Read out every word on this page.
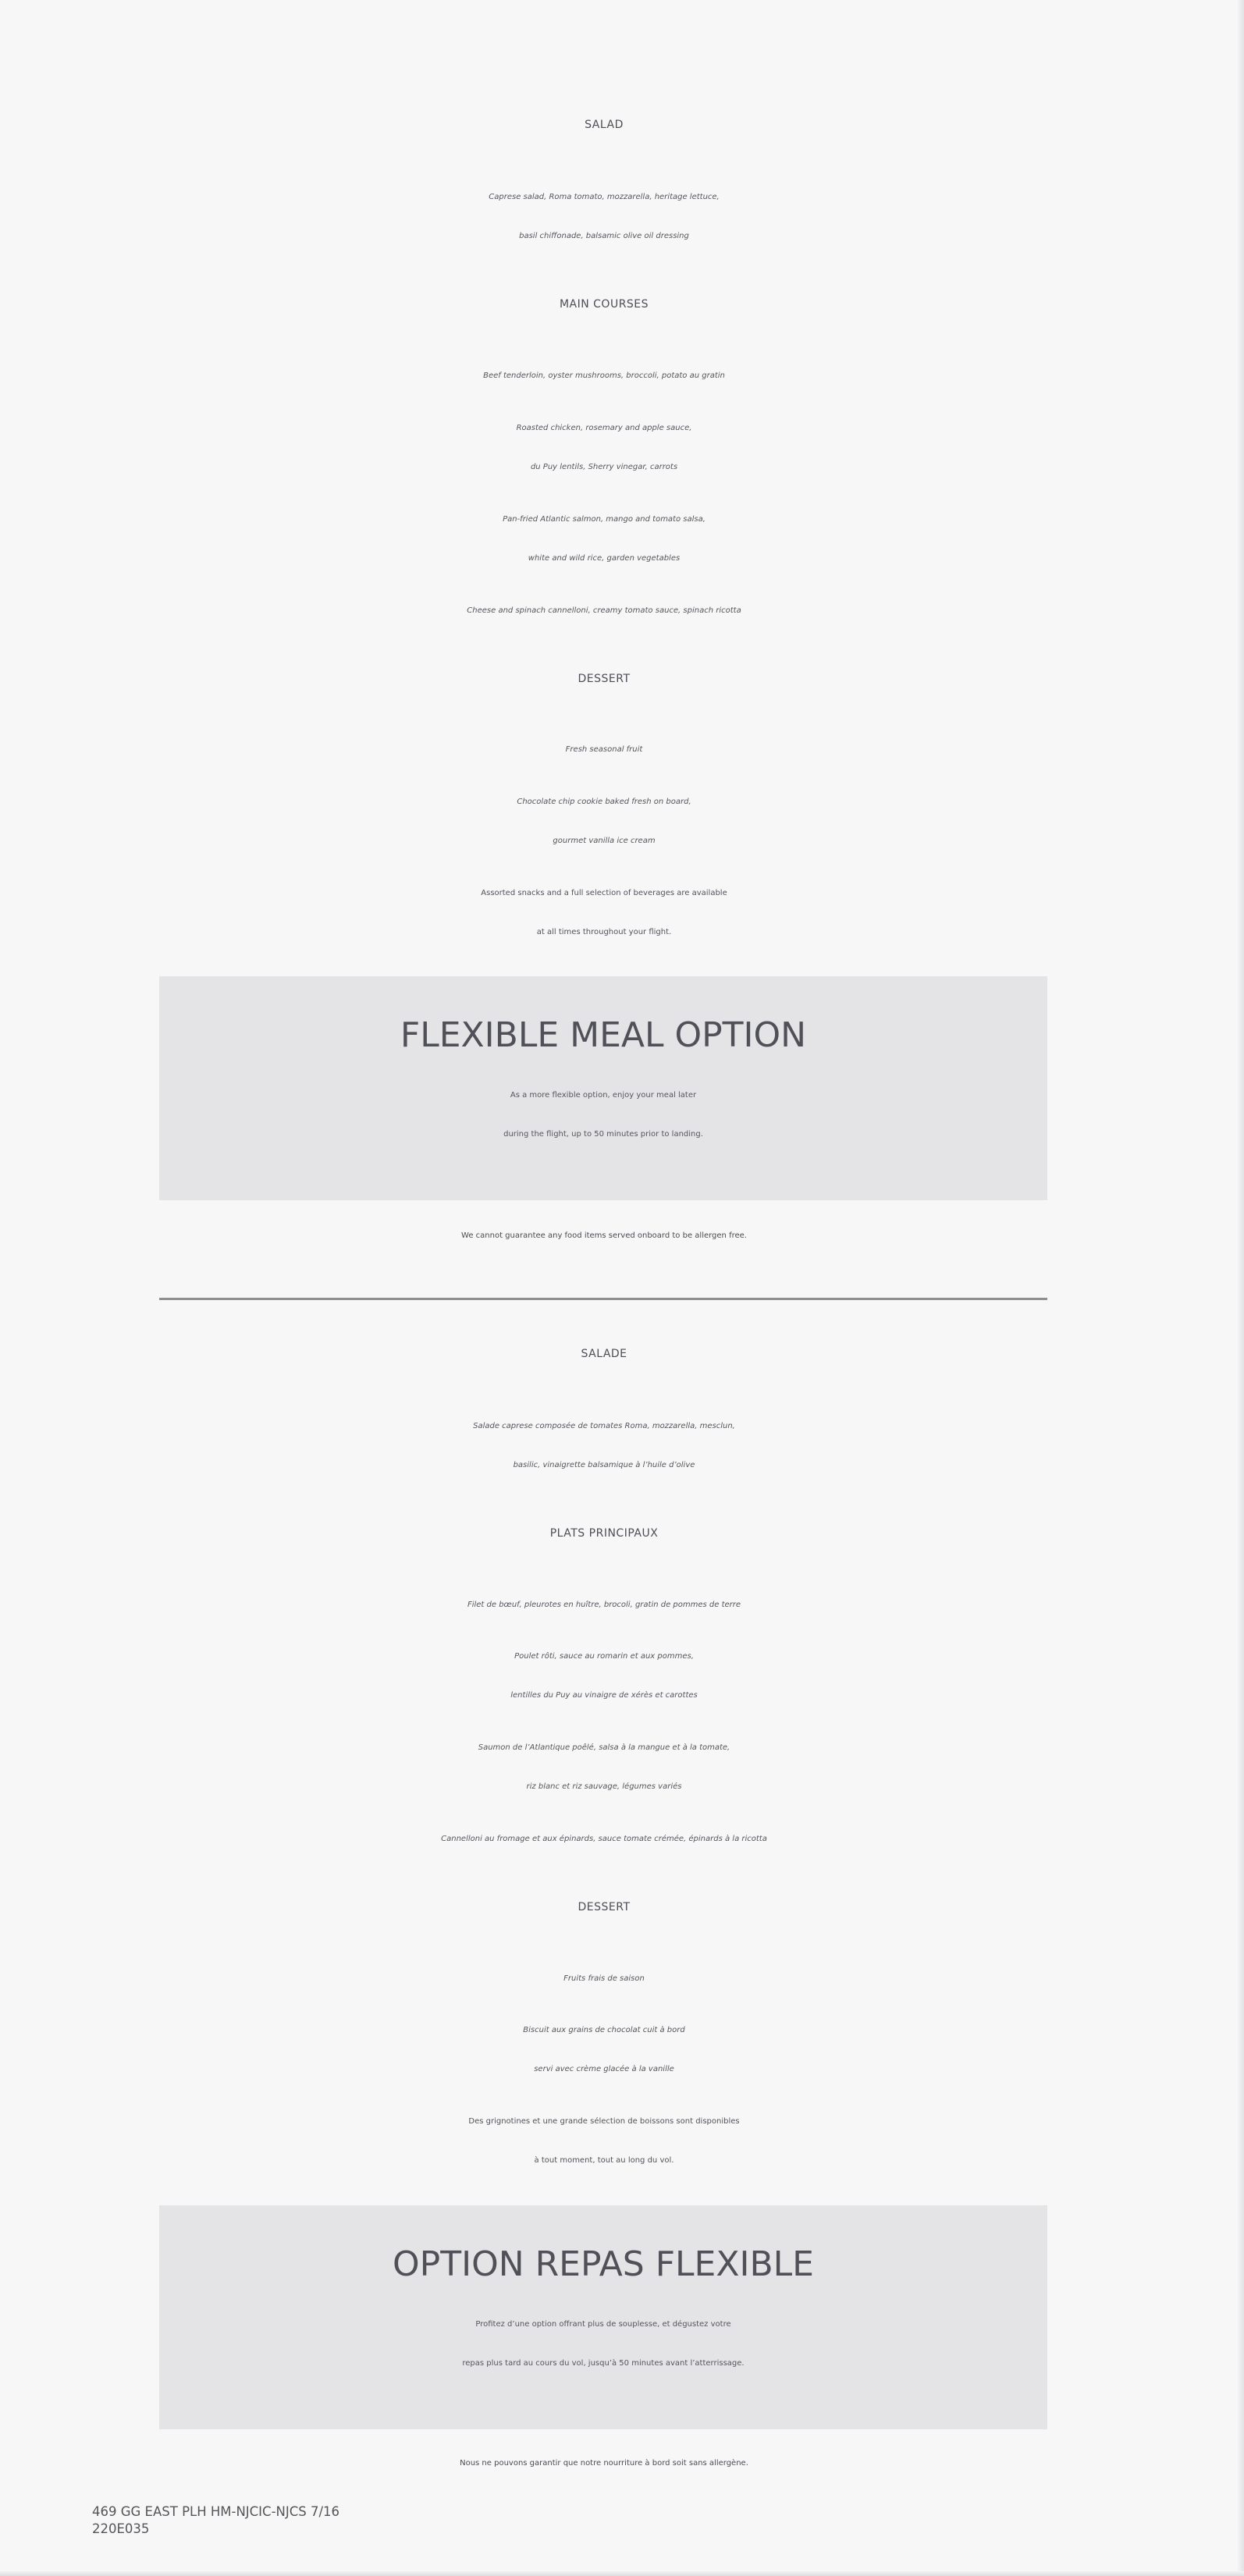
SALAD
Caprese salad, Roma tomato, mozzarella, heritage lettuce,
basil chiffonade, balsamic olive oil dressing
MAIN COURSES
Beef tenderloin, oyster mushrooms, broccoli, potato au gratin
Roasted chicken, rosemary and apple sauce,
du Puy lentils, Sherry vinegar, carrots
Pan-fried Atlantic salmon, mango and tomato salsa,
white and wild rice, garden vegetables
Cheese and spinach cannelloni, creamy tomato sauce, spinach ricotta
DESSERT
Fresh seasonal fruit
Chocolate chip cookie baked fresh on board,
gourmet vanilla ice cream
Assorted snacks and a full selection of beverages are available
at all times throughout your flight.
FLEXIBLE MEAL OPTION
As a more flexible option, enjoy your meal later
during the flight, up to 50 minutes prior to landing.
We cannot guarantee any food items served onboard to be allergen free.
SALADE
Salade caprese composée de tomates Roma, mozzarella, mesclun,
basilic, vinaigrette balsamique à l’huile d’olive
PLATS PRINCIPAUX
Filet de bœuf, pleurotes en huître, brocoli, gratin de pommes de terre
Poulet rôti, sauce au romarin et aux pommes,
lentilles du Puy au vinaigre de xérès et carottes
Saumon de l’Atlantique poêlé, salsa à la mangue et à la tomate,
riz blanc et riz sauvage, légumes variés
Cannelloni au fromage et aux épinards, sauce tomate crémée, épinards à la ricotta
DESSERT
Fruits frais de saison
Biscuit aux grains de chocolat cuit à bord
servi avec crème glacée à la vanille
Des grignotines et une grande sélection de boissons sont disponibles
à tout moment, tout au long du vol.
OPTION REPAS FLEXIBLE
Profitez d’une option offrant plus de souplesse, et dégustez votre
repas plus tard au cours du vol, jusqu’à 50 minutes avant l’atterrissage.
Nous ne pouvons garantir que notre nourriture à bord soit sans allergène.
469 GG EAST PLH HM-NJCIC-NJCS 7/16
220E035
